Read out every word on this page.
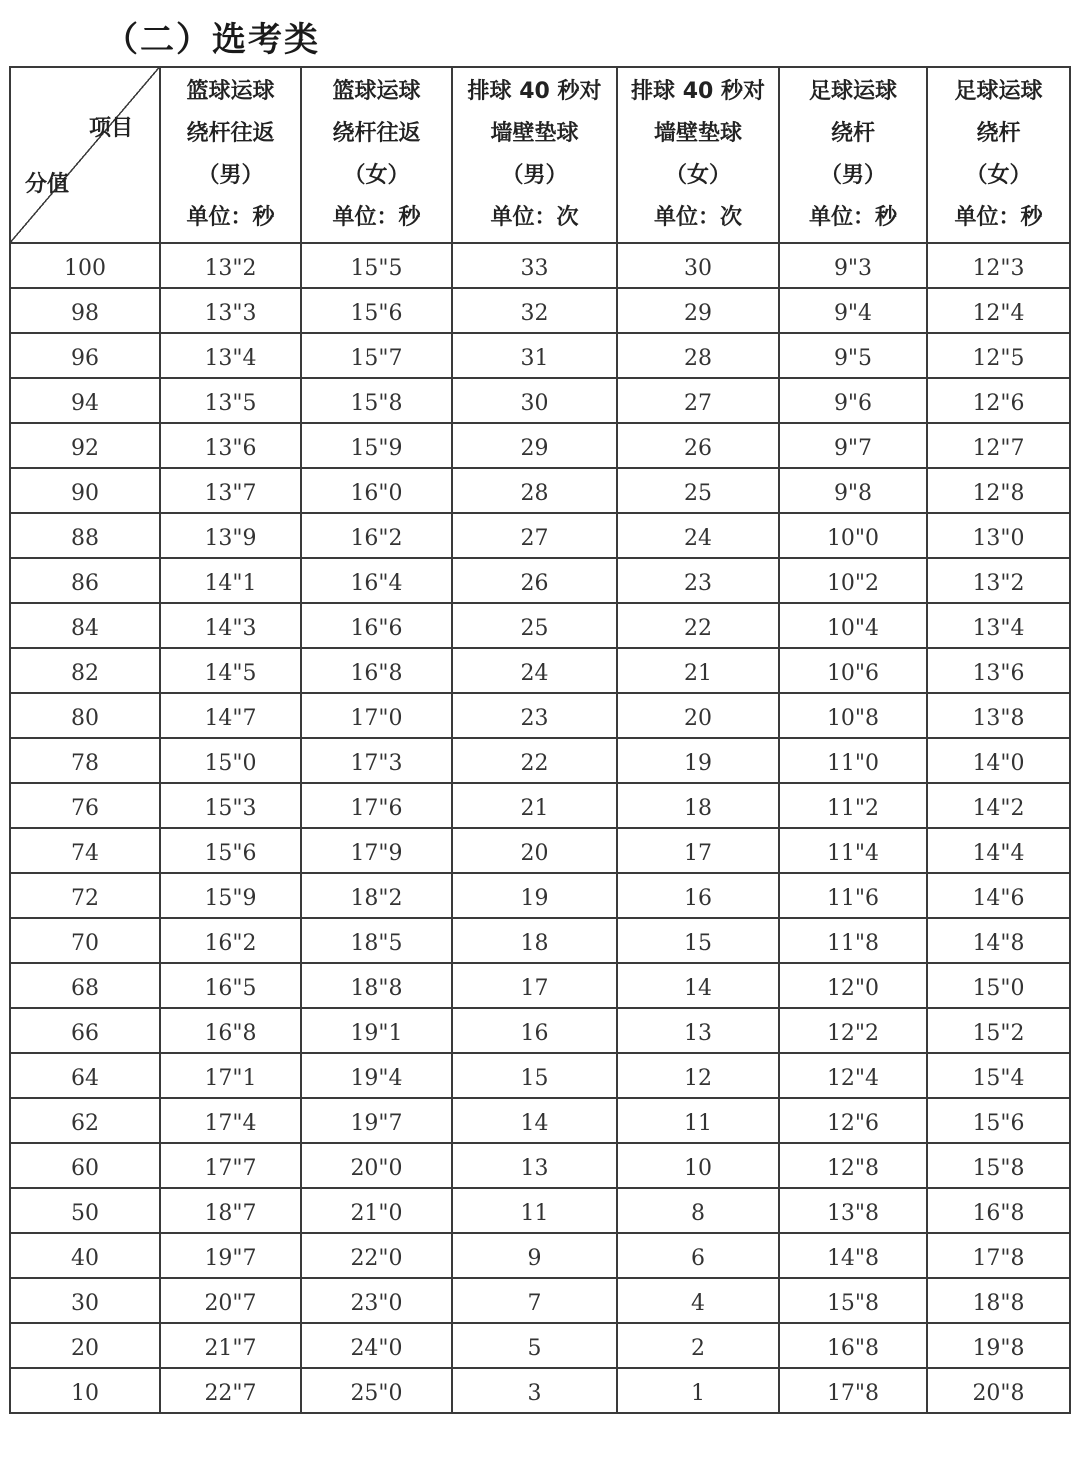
（二）选考类
项目
分值	篮球运球
绕杆往返
（男）
单位：秒	篮球运球
绕杆往返
（女）
单位：秒	排球 40 秒对
墙壁垫球
（男）
单位：次	排球 40 秒对
墙壁垫球
（女）
单位：次	足球运球
绕杆
（男）
单位：秒	足球运球
绕杆
（女）
单位：秒

100	13"2	15"5	33	30	9"3	12"3
98	13"3	15"6	32	29	9"4	12"4
96	13"4	15"7	31	28	9"5	12"5
94	13"5	15"8	30	27	9"6	12"6
92	13"6	15"9	29	26	9"7	12"7
90	13"7	16"0	28	25	9"8	12"8
88	13"9	16"2	27	24	10"0	13"0
86	14"1	16"4	26	23	10"2	13"2
84	14"3	16"6	25	22	10"4	13"4
82	14"5	16"8	24	21	10"6	13"6
80	14"7	17"0	23	20	10"8	13"8
78	15"0	17"3	22	19	11"0	14"0
76	15"3	17"6	21	18	11"2	14"2
74	15"6	17"9	20	17	11"4	14"4
72	15"9	18"2	19	16	11"6	14"6
70	16"2	18"5	18	15	11"8	14"8
68	16"5	18"8	17	14	12"0	15"0
66	16"8	19"1	16	13	12"2	15"2
64	17"1	19"4	15	12	12"4	15"4
62	17"4	19"7	14	11	12"6	15"6
60	17"7	20"0	13	10	12"8	15"8
50	18"7	21"0	11	8	13"8	16"8
40	19"7	22"0	9	6	14"8	17"8
30	20"7	23"0	7	4	15"8	18"8
20	21"7	24"0	5	2	16"8	19"8
10	22"7	25"0	3	1	17"8	20"8
